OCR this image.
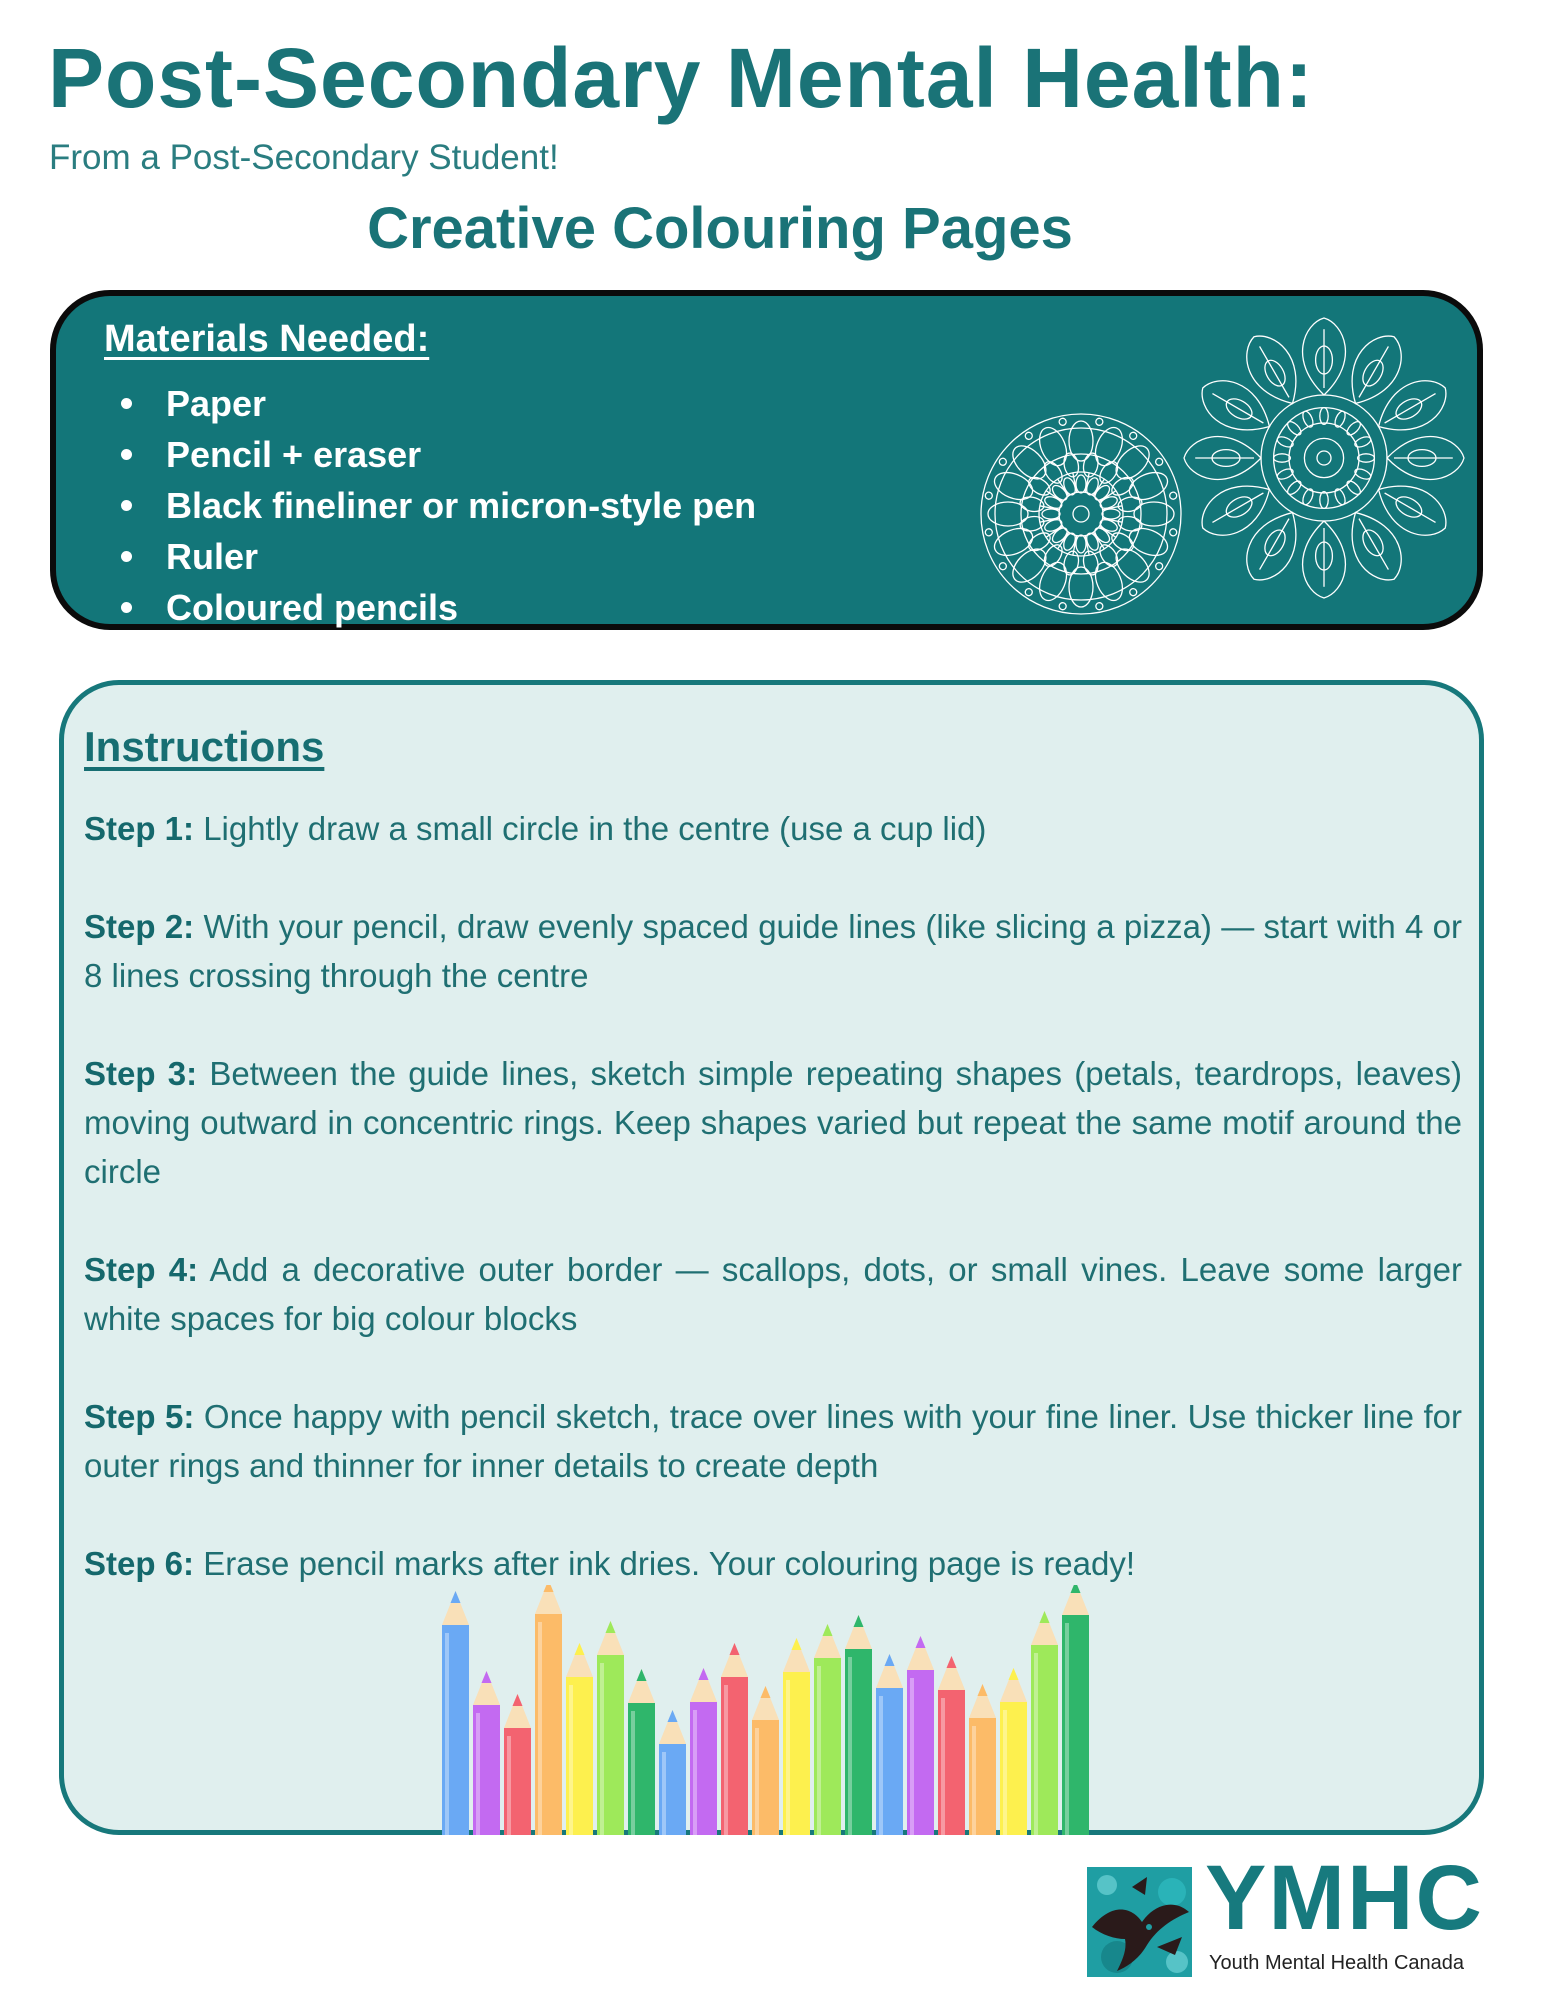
Post-Secondary Mental Health:

From a Post-Secondary Student!

Creative Colouring Pages
Materials Needed:
Paper
Pencil + eraser
Black fineliner or micron-style pen
Ruler
Coloured pencils
Instructions

Step 1: Lightly draw a small circle in the centre (use a cup lid)

Step 2: With your pencil, draw evenly spaced guide lines (like slicing a pizza) — start with 4 or 8 lines crossing through the centre

Step 3: Between the guide lines, sketch simple repeating shapes (petals, teardrops, leaves) moving outward in concentric rings. Keep shapes varied but repeat the same motif around the circle

Step 4: Add a decorative outer border — scallops, dots, or small vines. Leave some larger white spaces for big colour blocks

Step 5: Once happy with pencil sketch, trace over lines with your fine liner. Use thicker line for outer rings and thinner for inner details to create depth

Step 6: Erase pencil marks after ink dries. Your colouring page is ready!

YMHC

Youth Mental Health Canada
